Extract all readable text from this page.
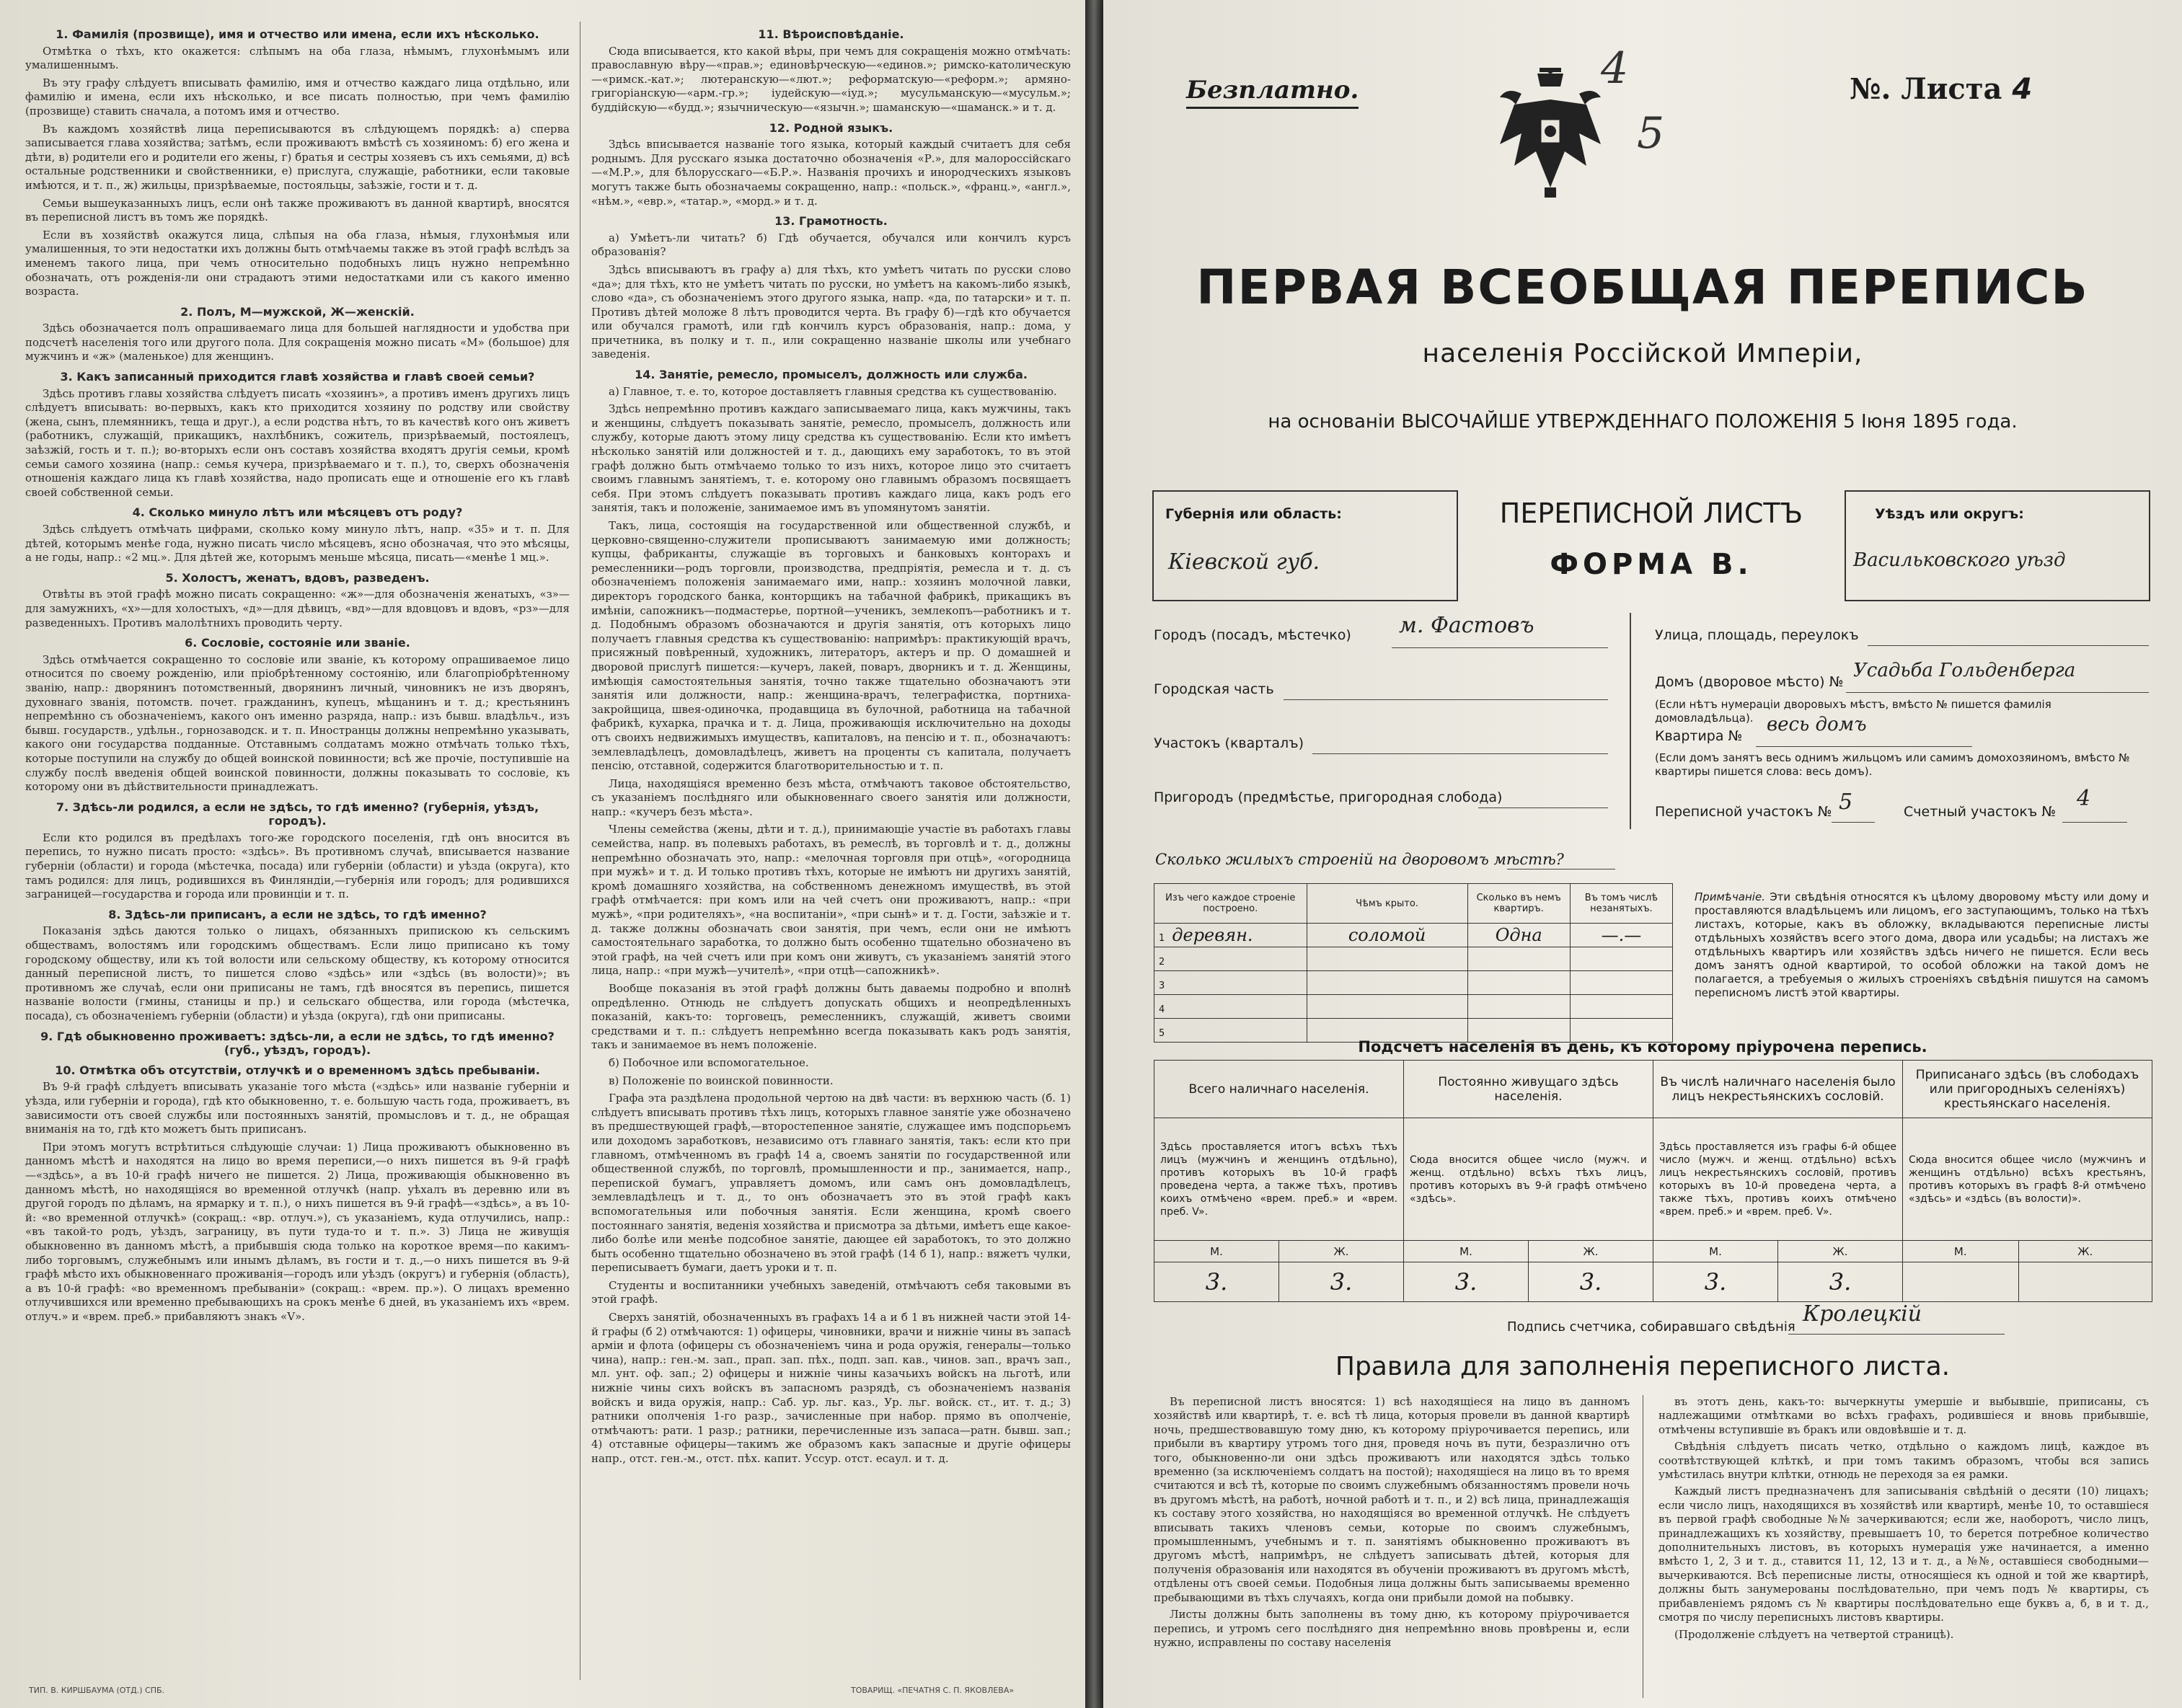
1. Фамилія (прозвище), имя и отчество или имена, если ихъ нѣсколько.

Отмѣтка о тѣхъ, кто окажется: слѣпымъ на оба глаза, нѣмымъ, глухонѣмымъ или умалишеннымъ.

Въ эту графу слѣдуетъ вписывать фамилію, имя и отчество каждаго лица отдѣльно, или фамилію и имена, если ихъ нѣсколько, и все писать полностью, при чемъ фамилію (прозвище) ставить сначала, а потомъ имя и отчество.

Въ каждомъ хозяйствѣ лица переписываются въ слѣдующемъ порядкѣ: а) сперва записывается глава хозяйства; затѣмъ, если проживаютъ вмѣстѣ съ хозяиномъ: б) его жена и дѣти, в) родители его и родители его жены, г) братья и сестры хозяевъ съ ихъ семьями, д) всѣ остальные родственники и свойственники, е) прислуга, служащіе, работники, если таковые имѣются, и т. п., ж) жильцы, призрѣваемые, постояльцы, заѣзжіе, гости и т. д.

Семьи вышеуказанныхъ лицъ, если онѣ также проживаютъ въ данной квартирѣ, вносятся въ переписной листъ въ томъ же порядкѣ.

Если въ хозяйствѣ окажутся лица, слѣпыя на оба глаза, нѣмыя, глухонѣмыя или умалишенныя, то эти недостатки ихъ должны быть отмѣчаемы также въ этой графѣ вслѣдъ за именемъ такого лица, при чемъ относительно подобныхъ лицъ нужно непремѣнно обозначать, отъ рожденія-ли они страдаютъ этими недостатками или съ какого именно возраста.

2. Полъ, М—мужской, Ж—женскій.

Здѣсь обозначается полъ опрашиваемаго лица для большей наглядности и удобства при подсчетѣ населенія того или другого пола. Для сокращенія можно писать «М» (большое) для мужчинъ и «ж» (маленькое) для женщинъ.

3. Какъ записанный приходится главѣ хозяйства и главѣ своей семьи?

Здѣсь противъ главы хозяйства слѣдуетъ писать «хозяинъ», а противъ именъ другихъ лицъ слѣдуетъ вписывать: во-первыхъ, какъ кто приходится хозяину по родству или свойству (жена, сынъ, племянникъ, теща и друг.), а если родства нѣтъ, то въ качествѣ кого онъ живетъ (работникъ, служащій, прикащикъ, нахлѣбникъ, сожитель, призрѣваемый, постоялецъ, заѣзжій, гость и т. п.); во-вторыхъ если онъ составъ хозяйства входятъ другія семьи, кромѣ семьи самого хозяина (напр.: семья кучера, призрѣваемаго и т. п.), то, сверхъ обозначенія отношенія каждаго лица къ главѣ хозяйства, надо прописать еще и отношеніе его къ главѣ своей собственной семьи.

4. Сколько минуло лѣтъ или мѣсяцевъ отъ роду?

Здѣсь слѣдуетъ отмѣчать цифрами, сколько кому минуло лѣтъ, напр. «35» и т. п. Для дѣтей, которымъ менѣе года, нужно писать число мѣсяцевъ, ясно обозначая, что это мѣсяцы, а не годы, напр.: «2 мц.». Для дѣтей же, которымъ меньше мѣсяца, писать—«менѣе 1 мц.».

5. Холостъ, женатъ, вдовъ, разведенъ.

Отвѣты въ этой графѣ можно писать сокращенно: «ж»—для обозначенія женатыхъ, «з»—для замужнихъ, «х»—для холостыхъ, «д»—для дѣвицъ, «вд»—для вдовцовъ и вдовъ, «рз»—для разведенныхъ. Противъ малолѣтнихъ проводить черту.

6. Сословіе, состояніе или званіе.

Здѣсь отмѣчается сокращенно то сословіе или званіе, къ которому опрашиваемое лицо относится по своему рожденію, или пріобрѣтенному состоянію, или благопріобрѣтенному званію, напр.: дворянинъ потомственный, дворянинъ личный, чиновникъ не изъ дворянъ, духовнаго званія, потомств. почет. гражданинъ, купецъ, мѣщанинъ и т. д.; крестьянинъ непремѣнно съ обозначеніемъ, какого онъ именно разряда, напр.: изъ бывш. владѣльч., изъ бывш. государств., удѣльн., горнозаводск. и т. п. Иностранцы должны непремѣнно указывать, какого они государства подданные. Отставнымъ солдатамъ можно отмѣчать только тѣхъ, которые поступили на службу до общей воинской повинности; всѣ же прочіе, поступившіе на службу послѣ введенія общей воинской повинности, должны показывать то сословіе, къ которому они въ дѣйствительности принадлежатъ.

7. Здѣсь-ли родился, а если не здѣсь, то гдѣ именно? (губернія, уѣздъ, городъ).

Если кто родился въ предѣлахъ того-же городского поселенія, гдѣ онъ вносится въ перепись, то нужно писать просто: «здѣсь». Въ противномъ случаѣ, вписывается название губерніи (области) и города (мѣстечка, посада) или губерніи (области) и уѣзда (округа), кто тамъ родился: для лицъ, родившихся въ Финляндіи,—губернія или городъ; для родившихся заграницей—государства и города или провинціи и т. п.

8. Здѣсь-ли приписанъ, а если не здѣсь, то гдѣ именно?

Показанія здѣсь даются только о лицахъ, обязанныхъ припискою къ сельскимъ обществамъ, волостямъ или городскимъ обществамъ. Если лицо приписано къ тому городскому обществу, или къ той волости или сельскому обществу, къ которому относится данный переписной листъ, то пишется слово «здѣсь» или «здѣсь (въ волости)»; въ противномъ же случаѣ, если они приписаны не тамъ, гдѣ вносятся въ перепись, пишется названіе волости (гмины, станицы и пр.) и сельскаго общества, или города (мѣстечка, посада), съ обозначеніемъ губерніи (области) и уѣзда (округа), гдѣ они приписаны.

9. Гдѣ обыкновенно проживаетъ: здѣсь-ли, а если не здѣсь, то гдѣ именно? (губ., уѣздъ, городъ).
10. Отмѣтка объ отсутствіи, отлучкѣ и о временномъ здѣсь пребываніи.

Въ 9-й графѣ слѣдуетъ вписывать указаніе того мѣста («здѣсь» или названіе губерніи и уѣзда, или губерніи и города), гдѣ кто обыкновенно, т. е. большую часть года, проживаетъ, въ зависимости отъ своей службы или постоянныхъ занятій, промысловъ и т. д., не обращая вниманія на то, гдѣ кто можетъ быть приписанъ.

При этомъ могутъ встрѣтиться слѣдующіе случаи: 1) Лица проживаютъ обыкновенно въ данномъ мѣстѣ и находятся на лицо во время переписи,—о нихъ пишется въ 9-й графѣ—«здѣсь», а въ 10-й графѣ ничего не пишется. 2) Лица, проживающія обыкновенно въ данномъ мѣстѣ, но находящіяся во временной отлучкѣ (напр. уѣхалъ въ деревню или въ другой городъ по дѣламъ, на ярмарку и т. п.), о нихъ пишется въ 9-й графѣ—«здѣсь», а въ 10-й: «во временной отлучкѣ» (сокращ.: «вр. отлуч.»), съ указаніемъ, куда отлучились, напр.: «въ такой-то родъ, уѣздъ, заграницу, въ пути туда-то и т. п.». 3) Лица не живущія обыкновенно въ данномъ мѣстѣ, а прибывшія сюда только на короткое время—по какимъ-либо торговымъ, служебнымъ или инымъ дѣламъ, въ гости и т. д.,—о нихъ пишется въ 9-й графѣ мѣсто ихъ обыкновеннаго проживанія—городъ или уѣздъ (округъ) и губернія (область), а въ 10-й графѣ: «во временномъ пребываніи» (сокращ.: «врем. пр.»). О лицахъ временно отлучившихся или временно пребывающихъ на срокъ менѣе 6 дней, въ указаніемъ ихъ «врем. отлуч.» и «врем. преб.» прибавляютъ знакъ «V».

11. Вѣроисповѣданіе.

Сюда вписывается, кто какой вѣры, при чемъ для сокращенія можно отмѣчать: православную вѣру—«прав.»; единовѣрческую—«единов.»; римско-католическую—«римск.-кат.»; лютеранскую—«лют.»; реформатскую—«реформ.»; армяно-григоріанскую—«арм.-гр.»; іудейскую—«іуд.»; мусульманскую—«мусульм.»; буддійскую—«будд.»; язычническую—«язычн.»; шаманскую—«шаманск.» и т. д.

12. Родной языкъ.

Здѣсь вписывается названіе того языка, который каждый считаетъ для себя роднымъ. Для русскаго языка достаточно обозначенія «Р.», для малороссійскаго—«М.Р.», для бѣлорусскаго—«Б.Р.». Названія прочихъ и инородческихъ языковъ могутъ также быть обозначаемы сокращенно, напр.: «польск.», «франц.», «англ.», «нѣм.», «евр.», «татар.», «морд.» и т. д.

13. Грамотность.

а) Умѣетъ-ли читать? б) Гдѣ обучается, обучался или кончилъ курсъ образованія?

Здѣсь вписываютъ въ графу а) для тѣхъ, кто умѣетъ читать по русски слово «да»; для тѣхъ, кто не умѣетъ читать по русски, но умѣетъ на какомъ-либо языкѣ, слово «да», съ обозначеніемъ этого другого языка, напр. «да, по татарски» и т. п. Противъ дѣтей моложе 8 лѣтъ проводится черта. Въ графу б)—гдѣ кто обучается или обучался грамотѣ, или гдѣ кончилъ курсъ образованія, напр.: дома, у причетника, въ полку и т. п., или сокращенно названіе школы или учебнаго заведенія.

14. Занятіе, ремесло, промыселъ, должность или служба.

а) Главное, т. е. то, которое доставляетъ главныя средства къ существованію.

Здѣсь непремѣнно противъ каждаго записываемаго лица, какъ мужчины, такъ и женщины, слѣдуетъ показывать занятіе, ремесло, промыселъ, должность или службу, которые даютъ этому лицу средства къ существованію. Если кто имѣетъ нѣсколько занятій или должностей и т. д., дающихъ ему заработокъ, то въ этой графѣ должно быть отмѣчаемо только то изъ нихъ, которое лицо это считаетъ своимъ главнымъ занятіемъ, т. е. которому оно главнымъ образомъ посвящаетъ себя. При этомъ слѣдуетъ показывать противъ каждаго лица, какъ родъ его занятія, такъ и положеніе, занимаемое имъ въ упомянутомъ занятіи.

Такъ, лица, состоящія на государственной или общественной службѣ, и церковно-священно-служители прописываютъ занимаемую ими должность; купцы, фабриканты, служащіе въ торговыхъ и банковыхъ конторахъ и ремесленники—родъ торговли, производства, предпріятія, ремесла и т. д. съ обозначеніемъ положенія занимаемаго ими, напр.: хозяинъ молочной лавки, директоръ городского банка, конторщикъ на табачной фабрикѣ, прикащикъ въ имѣніи, сапожникъ—подмастерье, портной—ученикъ, землекопъ—работникъ и т. д. Подобнымъ образомъ обозначаются и другія занятія, отъ которыхъ лицо получаетъ главныя средства къ существованію: напримѣръ: практикующій врачъ, присяжный повѣренный, художникъ, литераторъ, актеръ и пр. О домашней и дворовой прислугѣ пишется:—кучеръ, лакей, поваръ, дворникъ и т. д. Женщины, имѣющія самостоятельныя занятія, точно также тщательно обозначаютъ эти занятія или должности, напр.: женщина-врачъ, телеграфистка, портниха-закройщица, швея-одиночка, продавщица въ булочной, работница на табачной фабрикѣ, кухарка, прачка и т. д. Лица, проживающія исключительно на доходы отъ своихъ недвижимыхъ имуществъ, капиталовъ, на пенсію и т. п., обозначаютъ: землевладѣлецъ, домовладѣлецъ, живетъ на проценты съ капитала, получаетъ пенсію, отставной, содержится благотворительностью и т. п.

Лица, находящіяся временно безъ мѣста, отмѣчаютъ таковое обстоятельство, съ указаніемъ послѣдняго или обыкновеннаго своего занятія или должности, напр.: «кучеръ безъ мѣста».

Члены семейства (жены, дѣти и т. д.), принимающіе участіе въ работахъ главы семейства, напр. въ полевыхъ работахъ, въ ремеслѣ, въ торговлѣ и т. д., должны непремѣнно обозначать это, напр.: «мелочная торговля при отцѣ», «огородница при мужѣ» и т. д. И только противъ тѣхъ, которые не имѣютъ ни другихъ занятій, кромѣ домашняго хозяйства, на собственномъ денежномъ имуществѣ, въ этой графѣ отмѣчается: при комъ или на чей счетъ они проживаютъ, напр.: «при мужѣ», «при родителяхъ», «на воспитаніи», «при сынѣ» и т. д. Гости, заѣзжіе и т. д. также должны обозначать свои занятія, при чемъ, если они не имѣютъ самостоятельнаго заработка, то должно быть особенно тщательно обозначено въ этой графѣ, на чей счетъ или при комъ они живутъ, съ указаніемъ занятій этого лица, напр.: «при мужѣ—учителѣ», «при отцѣ—сапожникѣ».

Вообще показанія въ этой графѣ должны быть даваемы подробно и вполнѣ опредѣленно. Отнюдь не слѣдуетъ допускать общихъ и неопредѣленныхъ показаній, какъ-то: торговецъ, ремесленникъ, служащій, живетъ своими средствами и т. п.: слѣдуетъ непремѣнно всегда показывать какъ родъ занятія, такъ и занимаемое въ немъ положеніе.

б) Побочное или вспомогательное.

в) Положеніе по воинской повинности.

Графа эта раздѣлена продольной чертою на двѣ части: въ верхнюю часть (б. 1) слѣдуетъ вписывать противъ тѣхъ лицъ, которыхъ главное занятіе уже обозначено въ предшествующей графѣ,—второстепенное занятіе, служащее имъ подспорьемъ или доходомъ заработковъ, независимо отъ главнаго занятія, такъ: если кто при главномъ, отмѣченномъ въ графѣ 14 а, своемъ занятіи по государственной или общественной службѣ, по торговлѣ, промышленности и пр., занимается, напр., перепиской бумагъ, управляетъ домомъ, или самъ онъ домовладѣлецъ, землевладѣлецъ и т. д., то онъ обозначаетъ это въ этой графѣ какъ вспомогательныя или побочныя занятія. Если женщина, кромѣ своего постояннаго занятія, веденія хозяйства и присмотра за дѣтьми, имѣетъ еще какое-либо болѣе или менѣе подсобное занятіе, дающее ей заработокъ, то это должно быть особенно тщательно обозначено въ этой графѣ (14 б 1), напр.: вяжетъ чулки, переписываетъ бумаги, даетъ уроки и т. п.

Студенты и воспитанники учебныхъ заведеній, отмѣчаютъ себя таковыми въ этой графѣ.

Сверхъ занятій, обозначенныхъ въ графахъ 14 а и б 1 въ нижней части этой 14-й графы (б 2) отмѣчаются: 1) офицеры, чиновники, врачи и нижніе чины въ запасѣ арміи и флота (офицеры съ обозначеніемъ чина и рода оружія, генералы—только чина), напр.: ген.-м. зап., прап. зап. пѣх., подп. зап. кав., чинов. зап., врачъ зап., мл. унт. оф. зап.; 2) офицеры и нижніе чины казачьихъ войскъ на льготѣ, или нижніе чины сихъ войскъ въ запасномъ разрядѣ, съ обозначеніемъ названія войскъ и вида оружія, напр.: Саб. ур. льг. каз., Ур. льг. войск. ст., ит. т. д.; 3) ратники ополченія 1-го разр., зачисленные при набор. прямо въ ополченіе, отмѣчаютъ: рати. 1 разр.; ратники, перечисленные изъ запаса—ратн. бывш. зап.; 4) отставные офицеры—такимъ же образомъ какъ запасные и другіе офицеры напр., отст. ген.-м., отст. пѣх. капит. Уссур. отст. есаул. и т. д.

ТИП. В. КИРШБАУМА (ОТД.) СПБ.	ТОВАРИЩ. «ПЕЧАТНЯ С. П. ЯКОВЛЕВА»
Безплатно.	№. Листа 4
4
5
ПЕРВАЯ ВСЕОБЩАЯ ПЕРЕПИСЬ
населенія Россійской Имперіи,
на основаніи ВЫСОЧАЙШЕ УТВЕРЖДЕННАГО ПОЛОЖЕНІЯ 5 Іюня 1895 года.
Губернія или область:
Кіевской губ.
ПЕРЕПИСНОЙ ЛИСТЪ
ФОРМА В.
Уѣздъ или округъ:
Васильковского уѣзд
Городъ (посадъ, мѣстечко) м. Фастовъ
Городская часть
Участокъ (кварталъ)
Пригородъ (предмѣстье, пригородная слобода)
Улица, площадь, переулокъ
Домъ (дворовое мѣсто) №
Усадьба Гольденберга
(Если нѣтъ нумерацiи дворовыхъ мѣстъ, вмѣсто № пишется фамилія домовладѣльца).
Квартира №
весь домъ
(Если домъ занятъ весь однимъ жильцомъ или самимъ домохозяиномъ, вмѣсто № квартиры пишется слова: весь домъ).
Переписной участокъ № 5	Счетный участокъ №
4
Сколько жилыхъ строеній на дворовомъ мѣстѣ?
Изъ чего каждое строеніе построено.	Чѣмъ крыто.	Сколько въ немъ квартиръ.	Въ томъ числѣ незанятыхъ.
1 деревян.	соломой	Одна	—.—
2			
3			
4			
5			
Примѣчаніе. Эти свѣдѣнія относятся къ цѣлому дворовому мѣсту или дому и проставляются владѣльцемъ или лицомъ, его заступающимъ, только на тѣхъ листахъ, которые, какъ въ обложку, вкладываются переписные листы отдѣльныхъ хозяйствъ всего этого дома, двора или усадьбы; на листахъ же отдѣльныхъ квартиръ или хозяйствъ здѣсь ничего не пишется. Если весь домъ занятъ одной квартирой, то особой обложки на такой домъ не полагается, а требуемыя о жилыхъ строеніяхъ свѣдѣнія пишутся на самомъ переписномъ листѣ этой квартиры.
Подсчетъ населенія въ день, къ которому пріурочена перепись.
Всего наличнаго населенія.		Постоянно живущаго здѣсь населенія.		Въ числѣ наличнаго населенія было лицъ некрестьянскихъ сословій.		Приписанаго здѣсь (въ слободахъ или пригородныхъ селеніяхъ) крестьянскаго населенія.	
Здѣсь проставляется итогъ всѣхъ тѣхъ лицъ (мужчинъ и женщинъ отдѣльно), противъ которыхъ въ 10-й графѣ проведена черта, а также тѣхъ, противъ коихъ отмѣчено «врем. преб.» и «врем. преб. V».		Сюда вносится общее число (мужч. и женщ. отдѣльно) всѣхъ тѣхъ лицъ, противъ которыхъ въ 9-й графѣ отмѣчено «здѣсь».		Здѣсь проставляется изъ графы 6-й общее число (мужч. и женщ. отдѣльно) всѣхъ лицъ некрестьянскихъ сословій, противъ которыхъ въ 10-й проведена черта, а также тѣхъ, противъ коихъ отмѣчено «врем. преб.» и «врем. преб. V».		Сюда вносится общее число (мужчинъ и женщинъ отдѣльно) всѣхъ крестьянъ, противъ которыхъ въ графѣ 8-й отмѣчено «здѣсь» и «здѣсь (въ волости)».	
М.	Ж.	М.	Ж.	М.	Ж.	М.	Ж.
3.	3.	3.	3.	3.	3.		
Подпись счетчика, собиравшаго свѣдѣнія
Кролецкій
Правила для заполненія переписного листа.

Въ переписной листъ вносятся: 1) всѣ находящіеся на лицо въ данномъ хозяйствѣ или квартирѣ, т. е. всѣ тѣ лица, которыя провели въ данной квартирѣ ночь, предшествовавшую тому дню, къ которому пріурочивается перепись, или прибыли въ квартиру утромъ того дня, проведя ночь въ пути, безразлично отъ того, обыкновенно-ли они здѣсь проживаютъ или находятся здѣсь только временно (за исключеніемъ солдатъ на постой); находящіеся на лицо въ то время считаются и всѣ тѣ, которые по своимъ служебнымъ обязанностямъ провели ночь въ другомъ мѣстѣ, на работѣ, ночной работѣ и т. п., и 2) всѣ лица, принадлежащія къ составу этого хозяйства, но находящіяся во временной отлучкѣ. Не слѣдуетъ вписывать такихъ членовъ семьи, которые по своимъ служебнымъ, промышленнымъ, учебнымъ и т. п. занятіямъ обыкновенно проживаютъ въ другомъ мѣстѣ, напримѣръ, не слѣдуетъ записывать дѣтей, которыя для полученія образованія или находятся въ обученіи проживаютъ въ другомъ мѣстѣ, отдѣлены отъ своей семьи. Подобныя лица должны быть записываемы временно пребывающими въ тѣхъ случаяхъ, когда они прибыли домой на побывку.

Листы должны быть заполнены въ тому дню, къ которому пріурочивается перепись, и утромъ сего послѣдняго дня непремѣнно вновь провѣрены и, если нужно, исправлены по составу населенія

въ этотъ день, какъ-то: вычеркнуты умершіе и выбывшіе, приписаны, съ надлежащими отмѣтками во всѣхъ графахъ, родившіеся и вновь прибывшіе, отмѣчены вступившіе въ бракъ или овдовѣвшіе и т. д.

Свѣдѣнія слѣдуетъ писать четко, отдѣльно о каждомъ лицѣ, каждое въ соотвѣтствующей клѣткѣ, и при томъ такимъ образомъ, чтобы вся запись умѣстилась внутри клѣтки, отнюдь не переходя за ея рамки.

Каждый листъ предназначенъ для записыванія свѣдѣній о десяти (10) лицахъ; если число лицъ, находящихся въ хозяйствѣ или квартирѣ, менѣе 10, то оставшіеся въ первой графѣ свободные №№ зачеркиваются; если же, наоборотъ, число лицъ, принадлежащихъ къ хозяйству, превышаетъ 10, то берется потребное количество дополнительныхъ листовъ, въ которыхъ нумерація уже начинается, а именно вмѣсто 1, 2, 3 и т. д., ставится 11, 12, 13 и т. д., а №№, оставшіеся свободными—вычеркиваются. Всѣ переписные листы, относящіеся къ одной и той же квартирѣ, должны быть занумерованы послѣдовательно, при чемъ подъ № квартиры, съ прибавленіемъ рядомъ съ № квартиры послѣдовательно еще буквъ а, б, в и т. д., смотря по числу переписныхъ листовъ квартиры.

(Продолженіе слѣдуетъ на четвертой страницѣ).
